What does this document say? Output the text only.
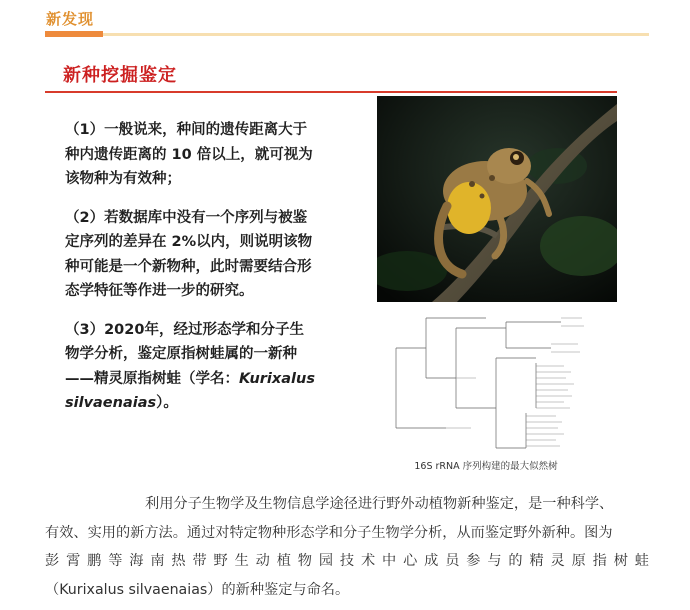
新发现
新种挖掘鉴定

（1）一般说来，种间的遗传距离大于种内遗传距离的 10 倍以上，就可视为该物种为有效种；

（2）若数据库中没有一个序列与被鉴定序列的差异在 2%以内，则说明该物种可能是一个新物种，此时需要结合形态学特征等作进一步的研究。

（3）2020年，经过形态学和分子生物学分析，鉴定原指树蛙属的一新种——精灵原指树蛙（学名：Kurixalus silvaenaias）。

16S rRNA 序列构建的最大似然树

利用分子生物学及生物信息学途径进行野外动植物新种鉴定，是一种科学、

有效、实用的新方法。通过对特定物种形态学和分子生物学分析，从而鉴定野外新种。图为

彭 霄 鹏 等 海 南 热 带 野 生 动 植 物 园 技 术 中 心 成 员 参 与 的 精 灵 原 指 树 蛙

（Kurixalus silvaenaias）的新种鉴定与命名。
